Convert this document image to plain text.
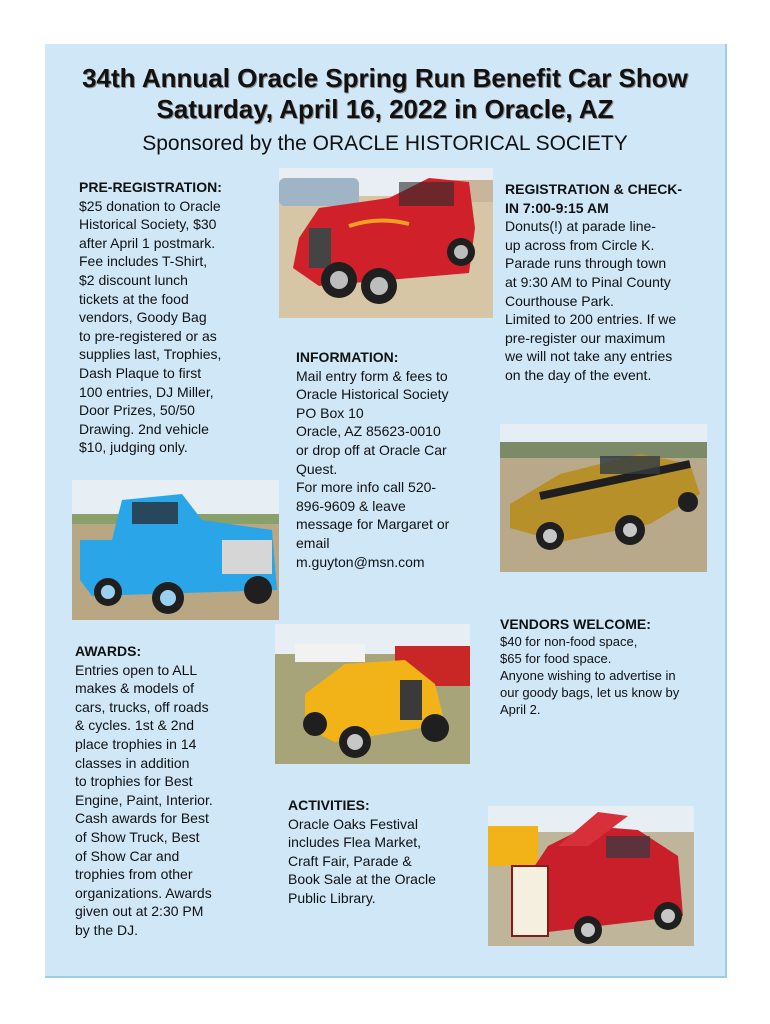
34th Annual Oracle Spring Run Benefit Car Show
Saturday, April 16, 2022 in Oracle, AZ
Sponsored by the ORACLE HISTORICAL SOCIETY
PRE-REGISTRATION:
$25 donation to Oracle
Historical Society, $30
after April 1 postmark.
Fee includes T-Shirt,
$2 discount lunch
tickets at the food
vendors, Goody Bag
to pre-registered or as
supplies last, Trophies,
Dash Plaque to first
100 entries, DJ Miller,
Door Prizes, 50/50
Drawing. 2nd vehicle
$10, judging only.
REGISTRATION & CHECK-
IN 7:00-9:15 AM
Donuts(!) at parade line-
up across from Circle K.
Parade runs through town
at 9:30 AM to Pinal County
Courthouse Park.
Limited to 200 entries. If we
pre-register our maximum
we will not take any entries
on the day of the event.
INFORMATION:
Mail entry form & fees to
Oracle Historical Society
PO Box 10
Oracle, AZ 85623-0010
or drop off at Oracle Car
Quest.
For more info call 520-
896-9609 & leave
message for Margaret or
email
m.guyton@msn.com
VENDORS WELCOME:
$40 for non-food space,
$65 for food space.
Anyone wishing to advertise in
our goody bags, let us know by
April 2.
AWARDS:
Entries open to ALL
makes & models of
cars, trucks, off roads
& cycles. 1st & 2nd
place trophies in 14
classes in addition
to trophies for Best
Engine, Paint, Interior.
Cash awards for Best
of Show Truck, Best
of Show Car and
trophies from other
organizations. Awards
given out at 2:30 PM
by the DJ.
ACTIVITIES:
Oracle Oaks Festival
includes Flea Market,
Craft Fair, Parade &
Book Sale at the Oracle
Public Library.
